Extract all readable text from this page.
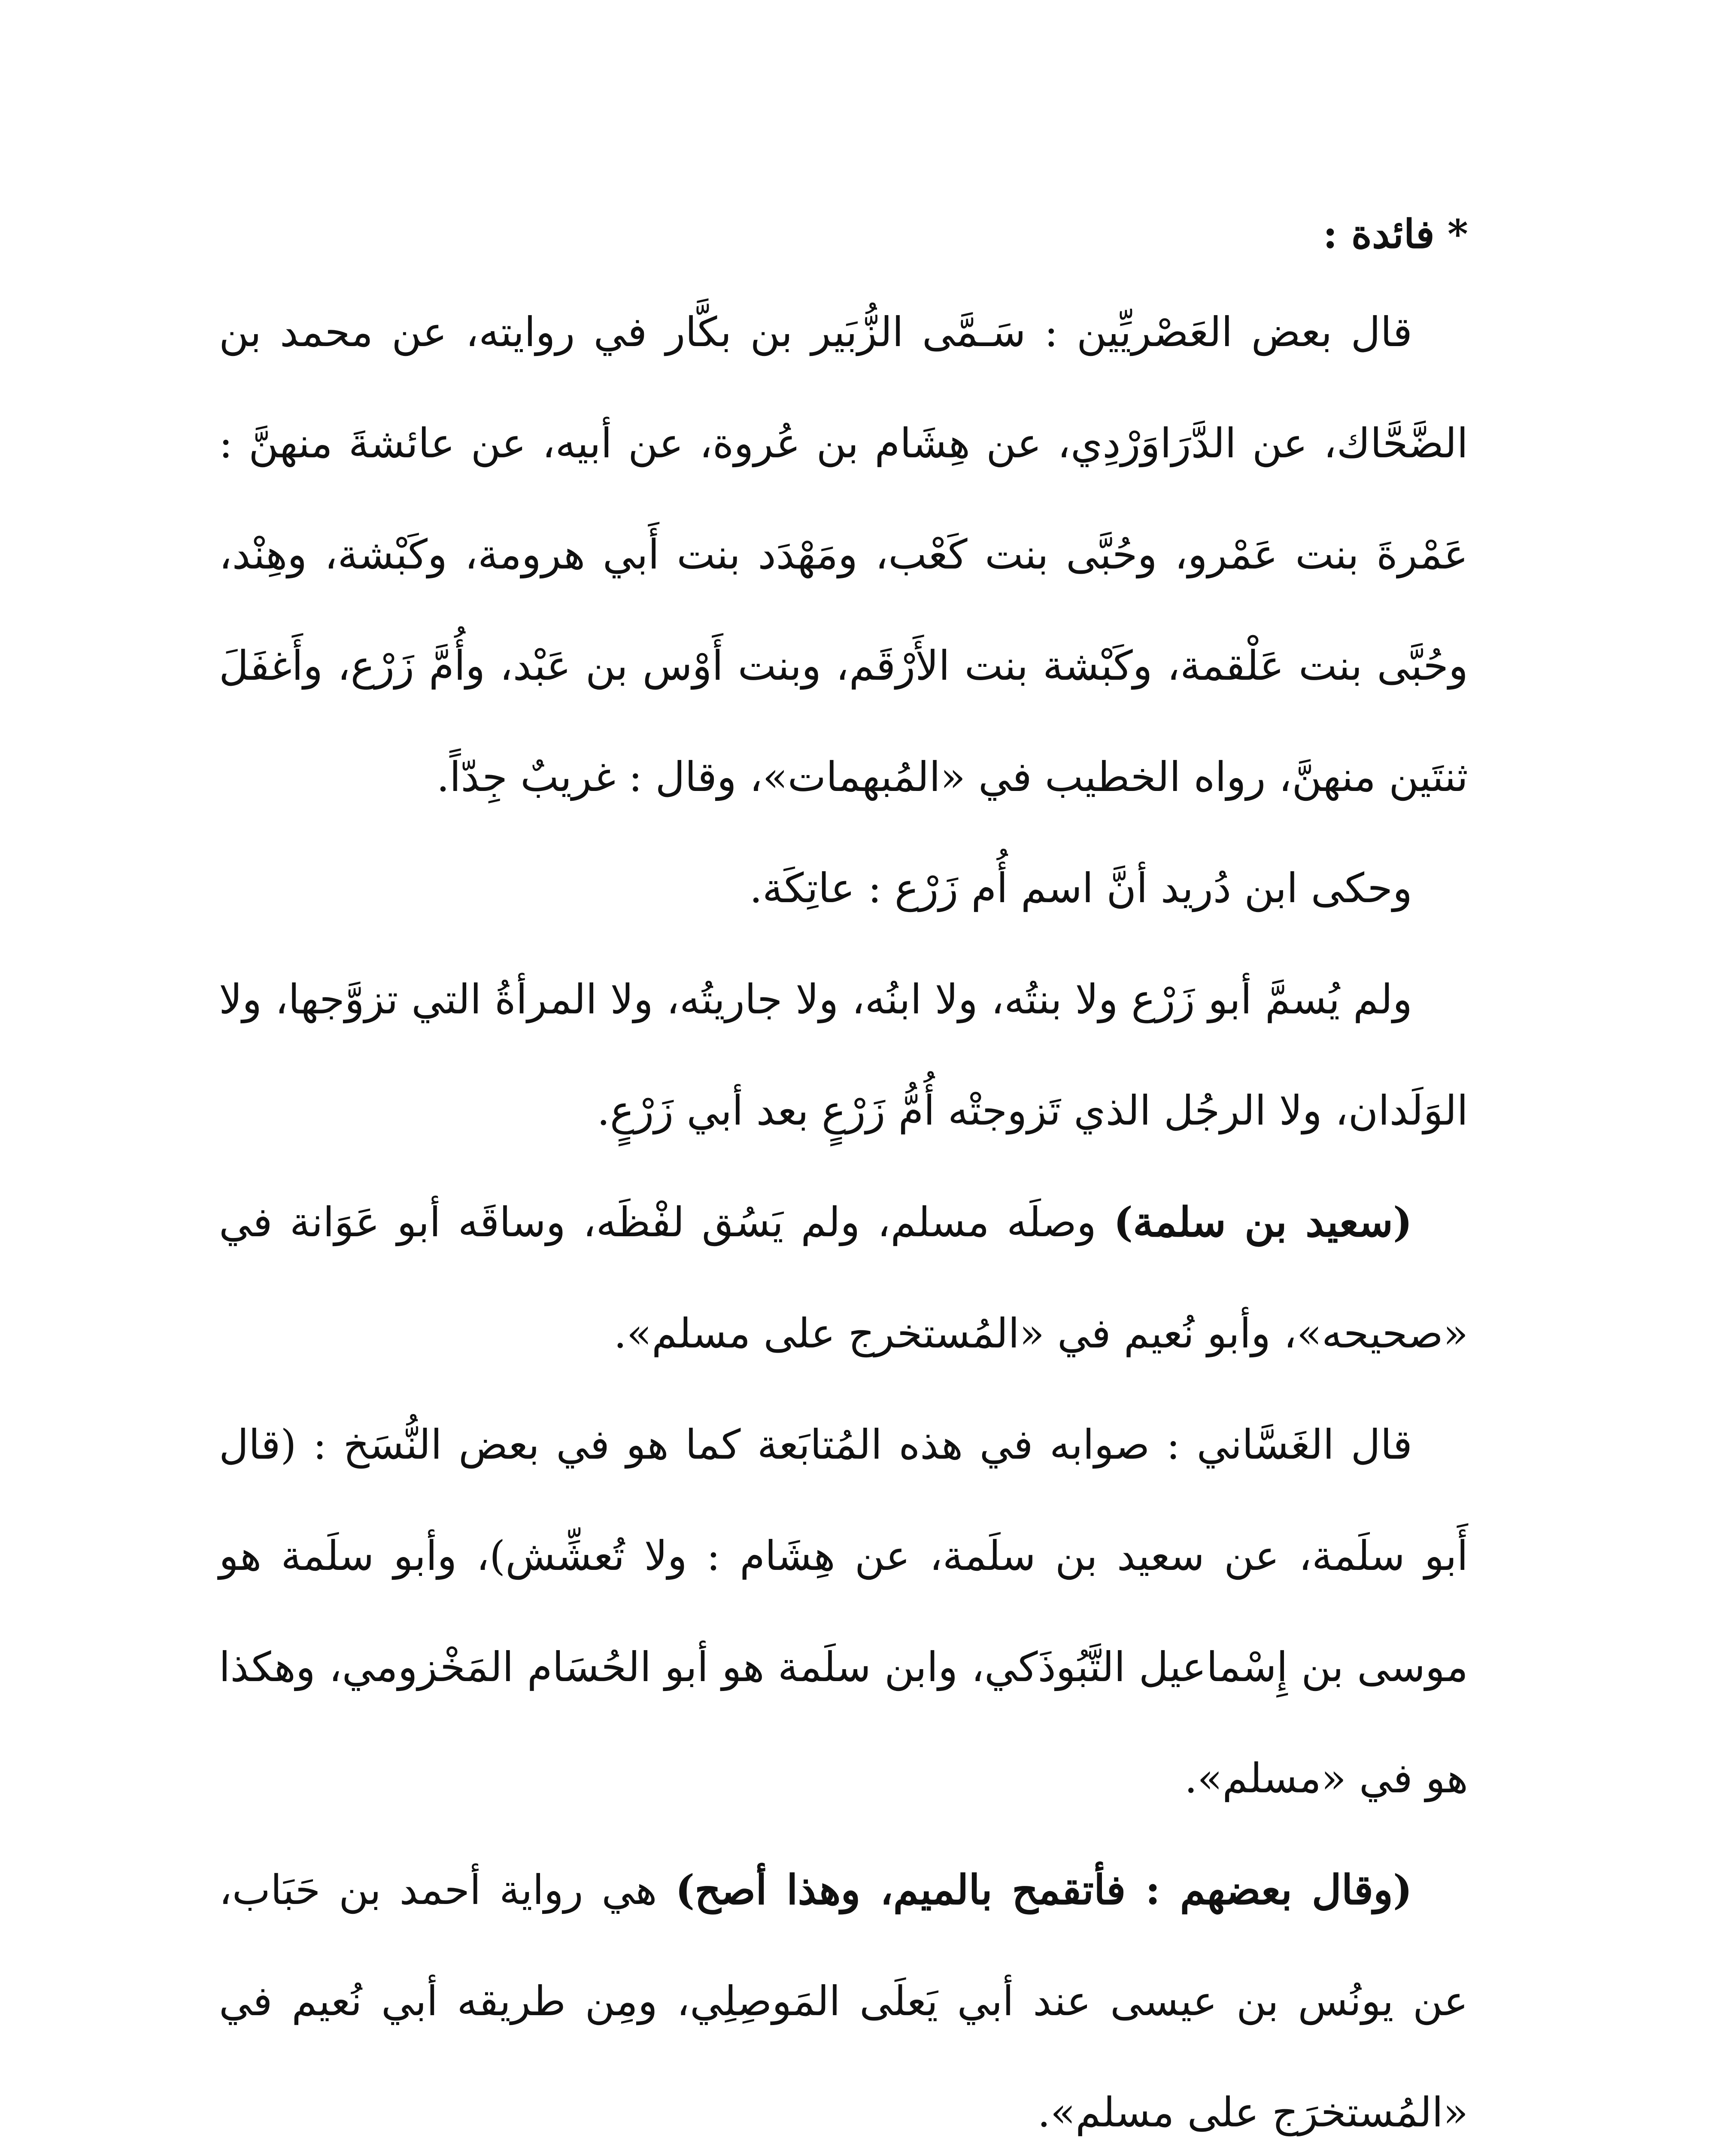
*فائدة :

قال بعض العَصْريِّين : سَـمَّى الزُّبَير بن بكَّار في روايته، عن محمد بن الضَّحَّاك، عن الدَّرَاوَرْدِي، عن هِشَام بن عُروة، عن أبيه، عن عائشةَ منهنَّ : عَمْرةَ بنت عَمْرو، وحُبَّى بنت كَعْب، ومَهْدَد بنت أَبي هرومة، وكَبْشة، وهِنْد، وحُبَّى بنت عَلْقمة، وكَبْشة بنت الأَرْقَم، وبنت أَوْس بن عَبْد، وأُمَّ زَرْع، وأَغفَلَ ثنتَين منهنَّ، رواه الخطيب في «المُبهمات»، وقال : غريبٌ جِدّاً.

وحكى ابن دُريد أنَّ اسم أُم زَرْع : عاتِكَة.

ولم يُسمَّ أبو زَرْع ولا بنتُه، ولا ابنُه، ولا جاريتُه، ولا المرأةُ التي تزوَّجها، ولا الوَلَدان، ولا الرجُل الذي تَزوجتْه أُمُّ زَرْعٍ بعد أبي زَرْعٍ.

(سعيد بن سلمة) وصلَه مسلم، ولم يَسُق لفْظَه، وساقَه أبو عَوَانة في «صحيحه»، وأبو نُعيم في «المُستخرج على مسلم».

قال الغَسَّاني : صوابه في هذه المُتابَعة كما هو في بعض النُّسَخ : (قال أَبو سلَمة، عن سعيد بن سلَمة، عن هِشَام : ولا تُعشِّش)، وأبو سلَمة هو موسى بن إِسْماعيل التَّبُوذَكي، وابن سلَمة هو أبو الحُسَام المَخْزومي، وهكذا هو في «مسلم».

(وقال بعضهم : فأتقمح بالميم، وهذا أصح) هي رواية أحمد بن حَبَاب، عن يونُس بن عيسى عند أبي يَعلَى المَوصِلِي، ومِن طريقه أبي نُعيم في «المُستخرَج على مسلم».
